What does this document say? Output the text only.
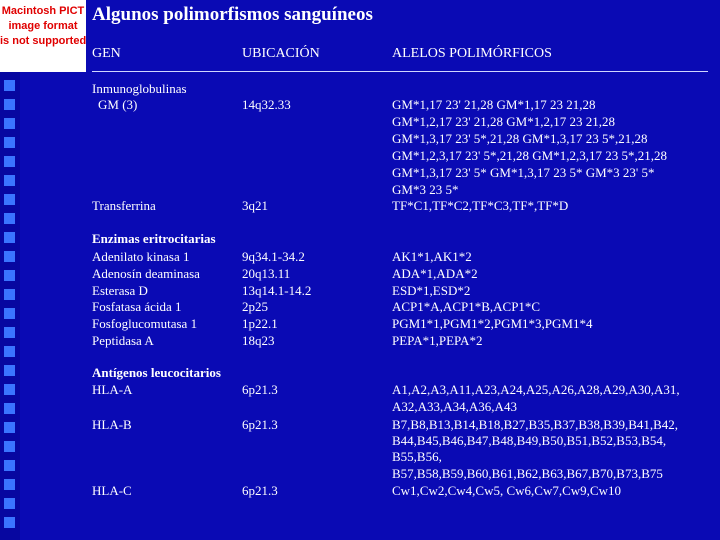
Macintosh PICT
image format
is not supported
Algunos polimorfismos sanguíneos
GEN	UBICACIÓN	ALELOS POLIMÓRFICOS
Inmunoglobulinas
GM (3)	14q32.33	GM*1,17 23' 21,28 GM*1,17 23 21,28
GM*1,2,17 23' 21,28 GM*1,2,17 23 21,28
GM*1,3,17 23' 5*,21,28 GM*1,3,17 23 5*,21,28
GM*1,2,3,17 23' 5*,21,28 GM*1,2,3,17 23 5*,21,28
GM*1,3,17 23' 5* GM*1,3,17 23 5* GM*3 23' 5*
GM*3 23 5*
Transferrina	3q21	TF*C1,TF*C2,TF*C3,TF*,TF*D
Enzimas eritrocitarias
Adenilato kinasa 1	9q34.1-34.2	AK1*1,AK1*2
Adenosín deaminasa	20q13.11	ADA*1,ADA*2
Esterasa D	13q14.1-14.2	ESD*1,ESD*2
Fosfatasa ácida 1	2p25	ACP1*A,ACP1*B,ACP1*C
Fosfoglucomutasa 1	1p22.1	PGM1*1,PGM1*2,PGM1*3,PGM1*4
Peptidasa A	18q23	PEPA*1,PEPA*2
Antígenos leucocitarios
HLA-A	6p21.3	A1,A2,A3,A11,A23,A24,A25,A26,A28,A29,A30,A31,
A32,A33,A34,A36,A43
HLA-B	6p21.3	B7,B8,B13,B14,B18,B27,B35,B37,B38,B39,B41,B42,
B44,B45,B46,B47,B48,B49,B50,B51,B52,B53,B54,
B55,B56,
B57,B58,B59,B60,B61,B62,B63,B67,B70,B73,B75
HLA-C	6p21.3	Cw1,Cw2,Cw4,Cw5, Cw6,Cw7,Cw9,Cw10
